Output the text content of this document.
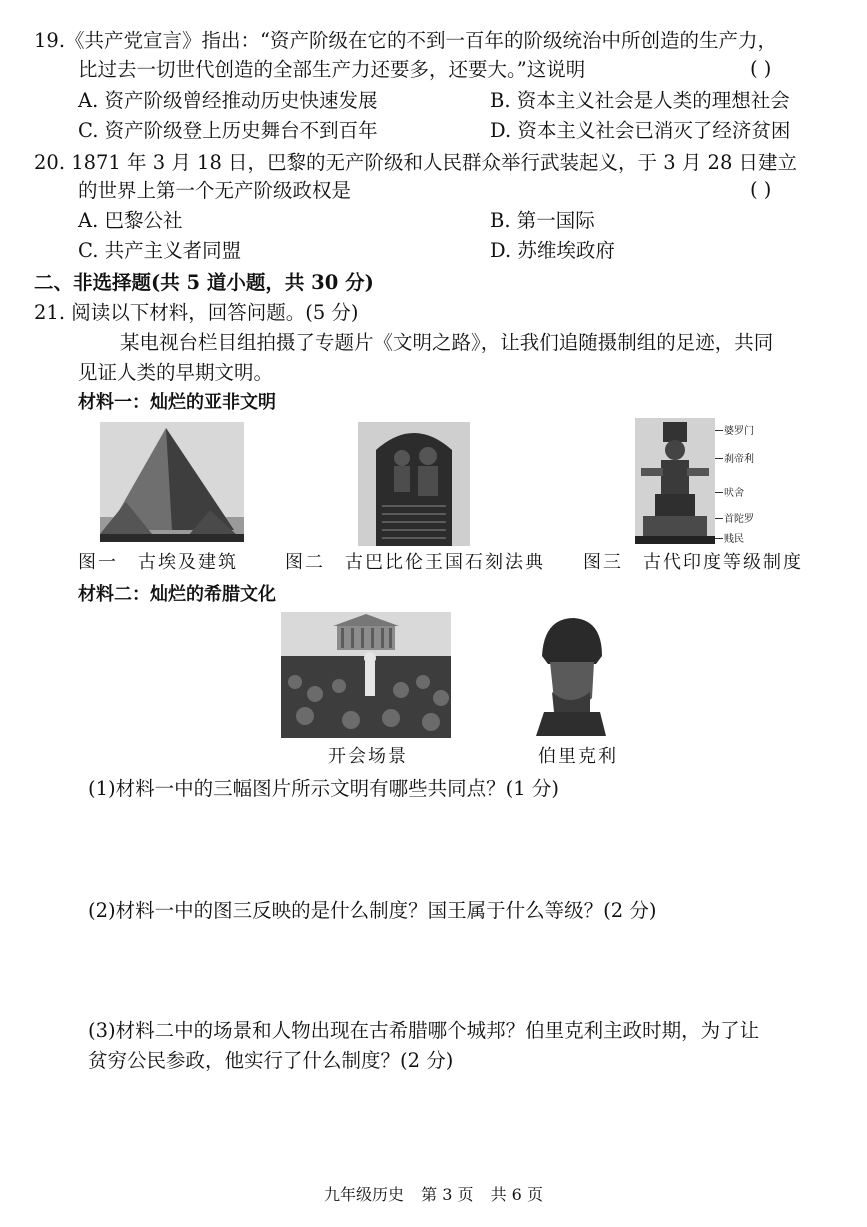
19.《共产党宣言》指出：“资产阶级在它的不到一百年的阶级统治中所创造的生产力，
比过去一切世代创造的全部生产力还要多，还要大。”这说明	( )
A. 资产阶级曾经推动历史快速发展	B. 资本主义社会是人类的理想社会
C. 资产阶级登上历史舞台不到百年	D. 资本主义社会已消灭了经济贫困
20. 1871 年 3 月 18 日，巴黎的无产阶级和人民群众举行武装起义，于 3 月 28 日建立
的世界上第一个无产阶级政权是	( )
A. 巴黎公社	B. 第一国际
C. 共产主义者同盟	D. 苏维埃政府
二、非选择题(共 5 道小题，共 30 分)
21. 阅读以下材料，回答问题。(5 分)
某电视台栏目组拍摄了专题片《文明之路》，让我们追随摄制组的足迹，共同
见证人类的早期文明。
材料一：灿烂的亚非文明
婆罗门
刹帝利
吠舍
首陀罗
贱民
图一　古埃及建筑	图二　古巴比伦王国石刻法典 图三　古代印度等级制度
材料二：灿烂的希腊文化
开会场景	伯里克利
(1)材料一中的三幅图片所示文明有哪些共同点？(1 分)
(2)材料一中的图三反映的是什么制度？国王属于什么等级？(2 分)
(3)材料二中的场景和人物出现在古希腊哪个城邦？伯里克利主政时期，为了让
贫穷公民参政，他实行了什么制度？(2 分)
九年级历史 第 3 页 共 6 页
